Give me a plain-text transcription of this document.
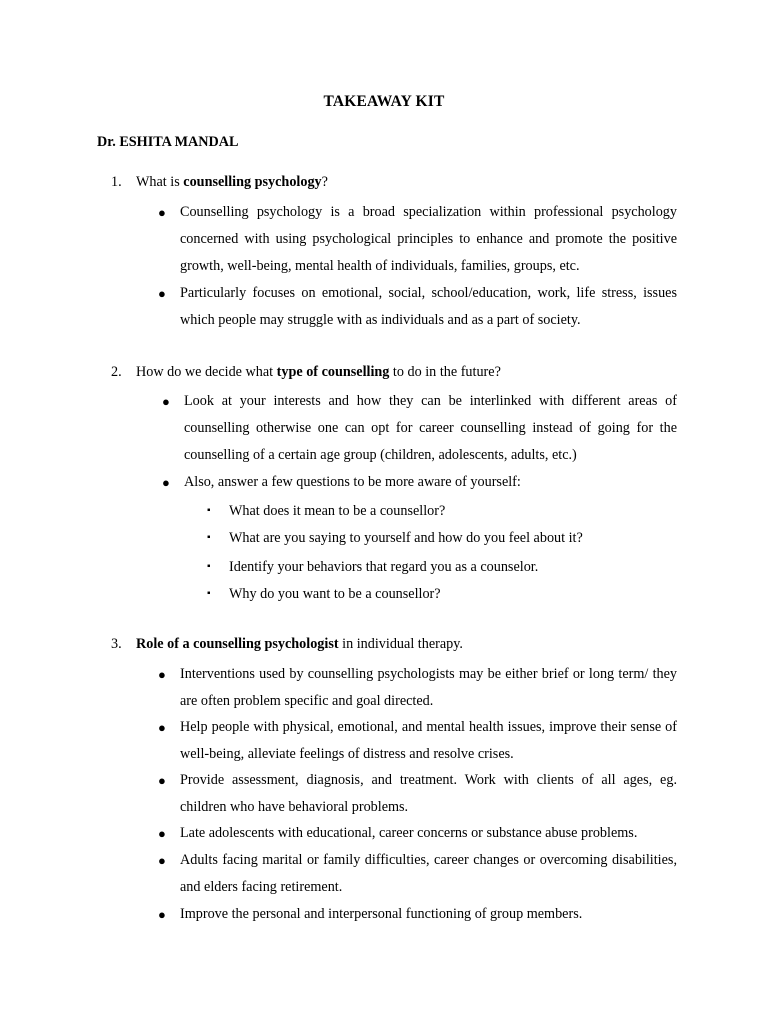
TAKEAWAY KIT
Dr. ESHITA MANDAL
1. What is counselling psychology?
● Counselling psychology is a broad specialization within professional psychology concerned with using psychological principles to enhance and promote the positive growth, well-being, mental health of individuals, families, groups, etc.
● Particularly focuses on emotional, social, school/education, work, life stress, issues which people may struggle with as individuals and as a part of society.
2. How do we decide what type of counselling to do in the future?
● Look at your interests and how they can be interlinked with different areas of counselling otherwise one can opt for career counselling instead of going for the counselling of a certain age group (children, adolescents, adults, etc.)
● Also, answer a few questions to be more aware of yourself:
▪ What does it mean to be a counsellor?
▪ What are you saying to yourself and how do you feel about it?
▪ Identify your behaviors that regard you as a counselor.
▪ Why do you want to be a counsellor?
3. Role of a counselling psychologist in individual therapy.
● Interventions used by counselling psychologists may be either brief or long term/ they are often problem specific and goal directed.
● Help people with physical, emotional, and mental health issues, improve their sense of well-being, alleviate feelings of distress and resolve crises.
● Provide assessment, diagnosis, and treatment. Work with clients of all ages, eg. children who have behavioral problems.
● Late adolescents with educational, career concerns or substance abuse problems.
● Adults facing marital or family difficulties, career changes or overcoming disabilities, and elders facing retirement.
● Improve the personal and interpersonal functioning of group members.
